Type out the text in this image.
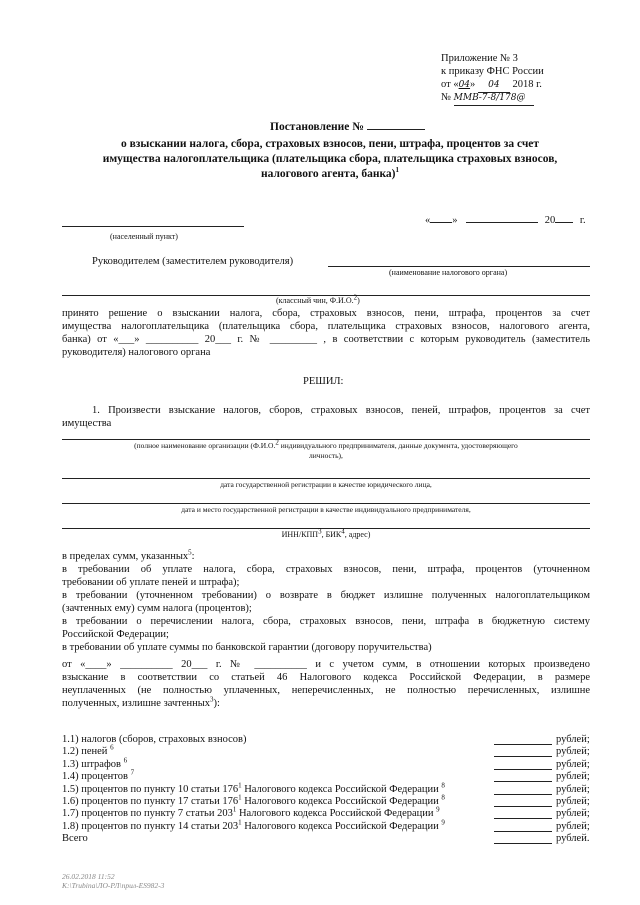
Приложение № 3
к приказу ФНС России
от «04» 04 2018 г.
№ ММВ-7-8/178@
Постановление №
о взыскании налога, сбора, страховых взносов, пени, штрафа, процентов за счет
имущества налогоплательщика (плательщика сбора, плательщика страховых взносов,
налогового агента, банка)$^1$
(населенный пункт)
« »	20 г.
Руководителем (заместителем руководителя)
(наименование налогового органа)
(классный чин, Ф.И.О.2)
принято решение о взыскании налога, сбора, страховых взносов, пени, штрафа, процентов за счет
имущества налогоплательщика (плательщика сбора, плательщика страховых взносов, налогового агента,
банка) от «___» __________ 20___ г. № _________ , в соответствии с которым руководитель (заместитель
руководителя) налогового органа
РЕШИЛ:
1. Произвести взыскание налогов, сборов, страховых взносов, пеней, штрафов, процентов за счет
имущества
(полное наименование организации (Ф.И.О.2 индивидуального предпринимателя, данные документа, удостоверяющего
личность),
дата государственной регистрации в качестве юридического лица,
дата и место государственной регистрации в качестве индивидуального предпринимателя,
ИНН/КПП3, БИК4, адрес)
в пределах сумм, указанных$^5$:
в требовании об уплате налога, сбора, страховых взносов, пени, штрафа, процентов (уточненном
требовании об уплате пеней и штрафа);
в требовании (уточненном требовании) о возврате в бюджет излишне полученных налогоплательщиком
(зачтенных ему) сумм налога (процентов);
в требовании о перечислении налога, сбора, страховых взносов, пени, штрафа в бюджетную систему
Российской Федерации;
в требовании об уплате суммы по банковской гарантии (договору поручительства)
от «____» __________ 20___ г. № __________ и с учетом сумм, в отношении которых произведено
взыскание в соответствии со статьей 46 Налогового кодекса Российской Федерации, в размере
неуплаченных (не полностью уплаченных, неперечисленных, не полностью перечисленных, излишне
полученных, излишне зачтенных$^3$):
1.1) налогов (сборов, страховых взносов)	рублей;
1.2) пеней $^6$	рублей;
1.3) штрафов $^6$	рублей;
1.4) процентов $^7$	рублей;
1.5) процентов по пункту 10 статьи $176^1$ Налогового кодекса Российской Федерации $^8$	рублей;
1.6) процентов по пункту 17 статьи $176^1$ Налогового кодекса Российской Федерации $^8$	рублей;
1.7) процентов по пункту 7 статьи $203^1$ Налогового кодекса Российской Федерации $^9$	рублей;
1.8) процентов по пункту 14 статьи $203^1$ Налогового кодекса Российской Федерации $^9$	рублей;
Всего	рублей.
26.02.2018 11:52
K:\Trubina\ЛО-РЛ\прил-ES982-3
